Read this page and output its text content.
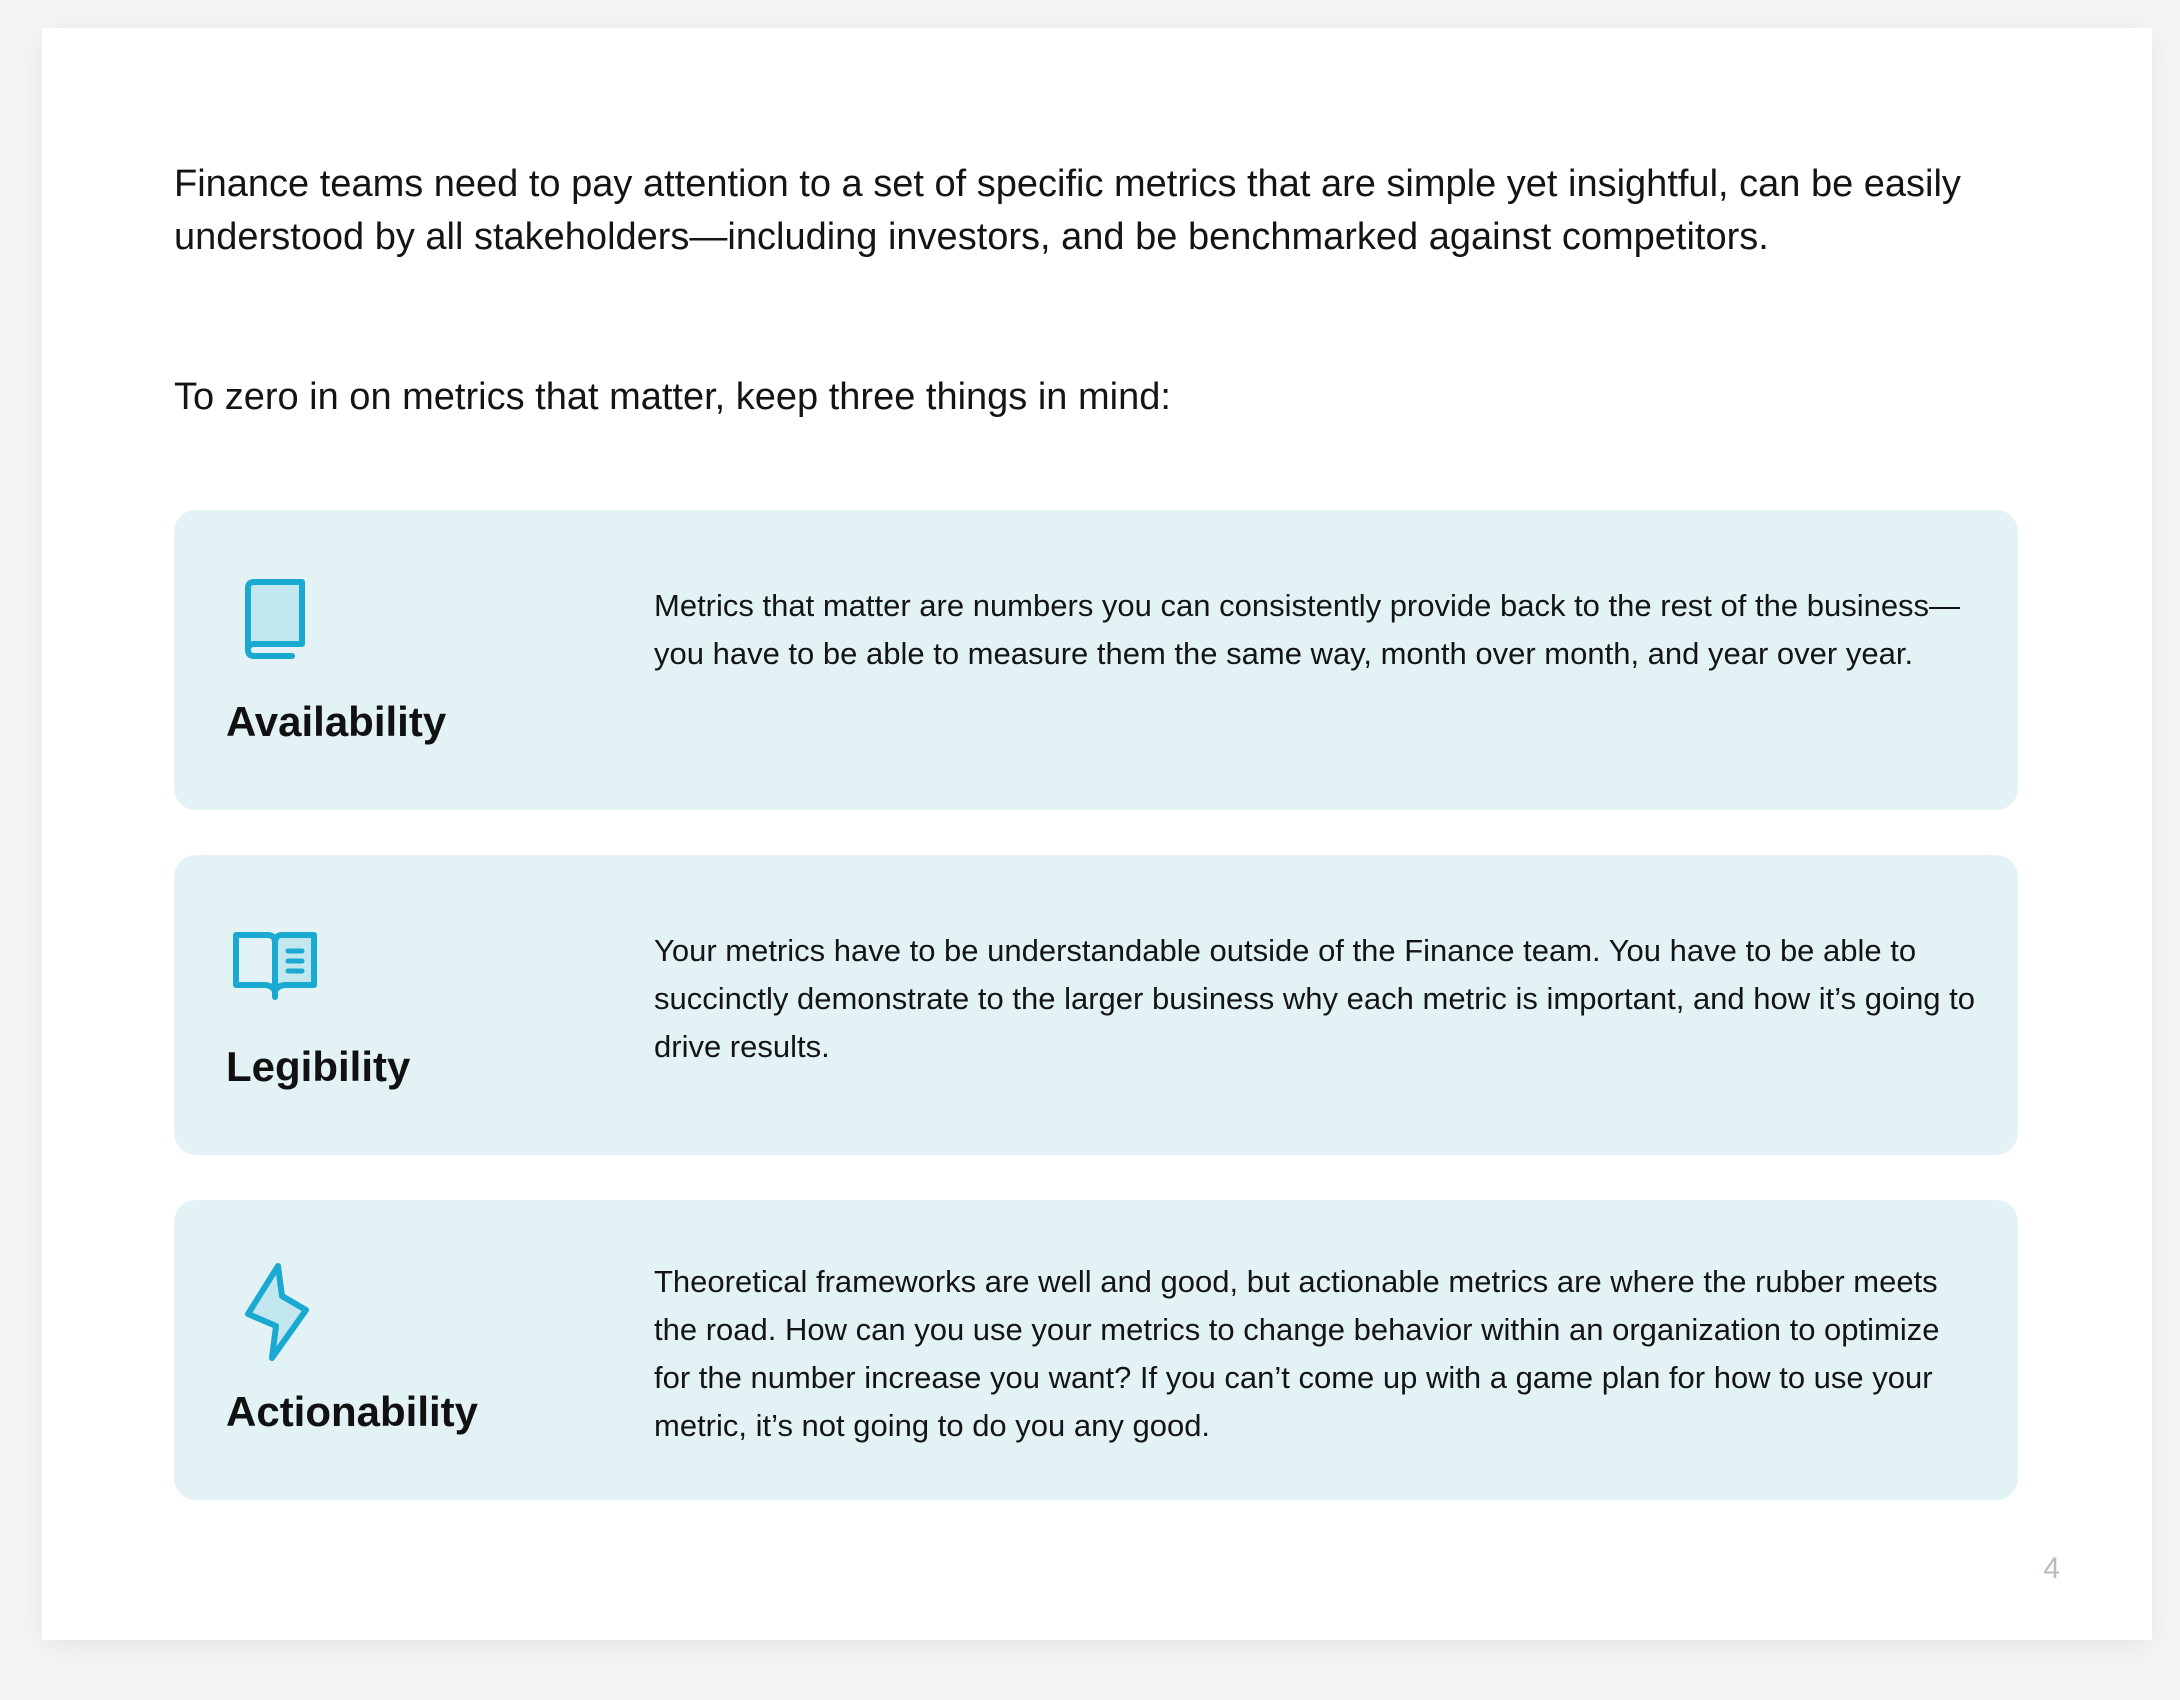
Finance teams need to pay attention to a set of specific metrics that are simple yet insightful, can be easily understood by all stakeholders—including investors, and be benchmarked against competitors.

To zero in on metrics that matter, keep three things in mind:

Availability

Metrics that matter are numbers you can consistently provide back to the rest of the business—you have to be able to measure them the same way, month over month, and year over year.

Legibility

Your metrics have to be understandable outside of the Finance team. You have to be able to succinctly demonstrate to the larger business why each metric is important, and how it’s going to drive results.

Actionability

Theoretical frameworks are well and good, but actionable metrics are where the rubber meets the road. How can you use your metrics to change behavior within an organization to optimize for the number increase you want? If you can’t come up with a game plan for how to use your metric, it’s not going to do you any good.

4
